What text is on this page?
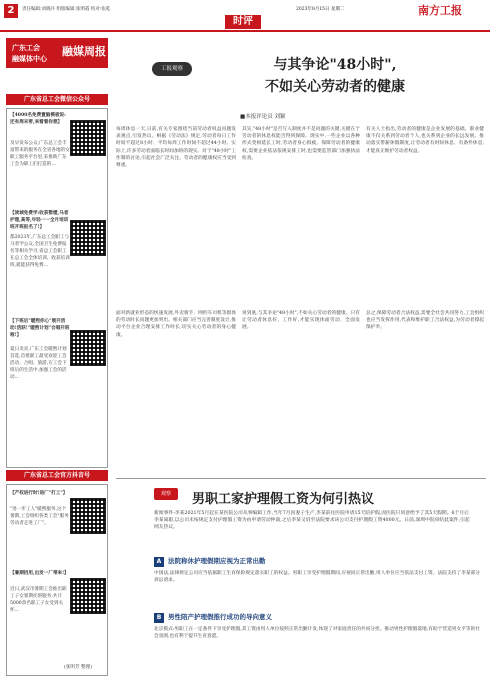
2	责任编辑:刘晓丹 组版编辑:张明霞 校对:张乾
时评
2023年8月15日 星期二	南方工报
广东工会
融媒体中心
融媒周报
广东省总工会微信公众号
【4000名免费置脑模板说:还有周末带,来看看你想】
及早发布公众,广东总工会丰富带来的服务在全省各地的女职工服务平台里,来推新广东工会为职工们打造的...
【读城免费学:收获暂缓,马者护理,高等,年轻一一全月培训班开班报名了!】
都2023年,广东总工会职工与马者学公众,全国卫生免费报名等相关学习,省总工会职工在总工会全体培训、收获培训班,就能获得免费...
【下班后"暖煦你心"展开活动!活跃!"暖煦计划"合唱开班啦!】
夏日炎炎,广东工会暖煦计划首选,首批职工最受欢迎工会活动、合唱、旅游,在工会下班后的生活中,加强工会的活动...
广东省总工会官方抖音号
【产权进行时!进厂"打工"】
"进一步工人"暖煦服务,这个暑期,工会组织各类工会"服务劳动者走进工厂"。
【暑期招用,出发一厂带来!】
近日,武汉市暑期工会推出职工子女暑期托班服务,共计5000余名职工子女受到关怀...
(张明芳 整理)
工报观察	与其争论"48小时",
不如关心劳动者的健康
■本报评论员 刘颖
每周休息一天,日前,有关专家围绕当前劳动者权益问题发表观点,引发热议。根据《劳动法》规定,劳动者每日工作时间不超过8小时、平均每周工作时间不超过44小时。实际上,许多劳动者面临长时间加班的现实。对于"48小时"工作制的讨论,引起社会广泛关注。劳动者的健康权应当受到尊重。
其实,"48小时"是否写入制度并不是问题的关键,关键在于劳动者的休息权能否得到保障。现实中,一些企业以各种形式变相延长工时,劳动者身心俱疲。保障劳动者的健康权,需要企业依法依规安排工时,也需要监管部门加强执法检查。
有关人士指出,劳动者的健康是企业发展的基础。职业健康不仅关系到劳动者个人,也关系到企业的长远发展。推动落实带薪休假制度,让劳动者有时间休息、有条件休息,才能真正维护劳动者权益。
面对新就业形态的快速发展,外卖骑手、网约车司机等群体的劳动时长问题更加突出。相关部门应当完善制度设计,推动平台企业合理安排工作时长,切实关心劳动者的身心健康。
说到底,与其争论"48小时",不如关心劳动者的健康。只有让劳动者休息好、工作好,才能实现体面劳动、全面发展。
总之,保障劳动者合法权益,需要全社会共同努力,工会组织也应当发挥作用,代表和维护职工合法权益,为劳动者撑起保护伞。
观察	男职工家护理假工资为何引热议
新闻事件:李某2021年5月起在某医院公司从事编辑工作,当年7月因妻子生产,李某前往医院申请15天陪护假,而医院只同意给予了其5天假期。6个月后李某离职,以公司未按规定支付护理假工资为由申请劳动仲裁,之后李某又诉至法院要求该公司支付护理假工资4000元。日前,深圳中院审结此案件,引起网友热议。
A 法院称休护理假期应视为正常出勤
中国法,法律规定公司应当依据职工生育保险规定落实职工的权益。男职工享受护理假期间,应视同正常出勤,用人单位应当依法支付工资。法院支持了李某部分诉讼请求。
B 男性陪产护理假推行成功的导向意义
北京模式:男职工在一定条件下享受护理假,其工资由用人单位按照正常出勤计发,体现了对家庭责任的共同分担。推动男性护理假落地,有助于营造男女平等的社会氛围,也有利于提升生育意愿。
